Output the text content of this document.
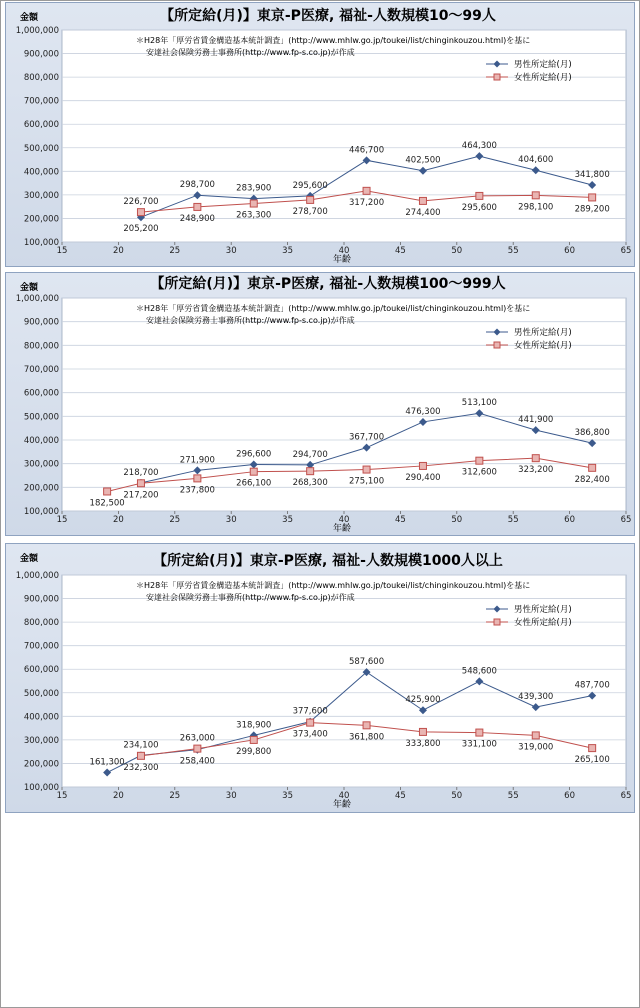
100,000
200,000
300,000
400,000
500,000
600,000
700,000
800,000
900,000
1,000,000
15	20	25	30	35	40	45	50	55	60	65
金額
年齢
【所定給(月)】東京-P医療, 福祉-人数規模10～99人
＊H28年「厚労省賃金構造基本統計調査」(http://www.mhlw.go.jp/toukei/list/chinginkouzou.html)を基に
安達社会保険労務士事務所(http://www.fp-s.co.jp)が作成
男性所定給(月)
女性所定給(月)
205,200
298,700 283,900 295,600
446,700
402,500
464,300
404,600
341,800
226,700
248,900 263,300 278,700
317,200
274,400 295,600 298,100 289,200
100,000
200,000
300,000
400,000
500,000
600,000
700,000
800,000
900,000
1,000,000
15	20	25	30	35	40	45	50	55	60	65
金額
年齢
【所定給(月)】東京-P医療, 福祉-人数規模100～999人
＊H28年「厚労省賃金構造基本統計調査」(http://www.mhlw.go.jp/toukei/list/chinginkouzou.html)を基に
安達社会保険労務士事務所(http://www.fp-s.co.jp)が作成
男性所定給(月)
女性所定給(月)
218,700
271,900
296,600 294,700
367,700
476,300
513,100
441,900
386,800
182,500
217,200 237,800
266,100 268,300 275,100 290,400
312,600 323,200
282,400
100,000
200,000
300,000
400,000
500,000
600,000
700,000
800,000
900,000
1,000,000
15	20	25	30	35	40	45	50	55	60	65
金額
年齢
【所定給(月)】東京-P医療, 福祉-人数規模1000人以上
＊H28年「厚労省賃金構造基本統計調査」(http://www.mhlw.go.jp/toukei/list/chinginkouzou.html)を基に
安達社会保険労務士事務所(http://www.fp-s.co.jp)が作成
男性所定給(月)
女性所定給(月)
161,300
234,100
258,400
318,900
377,600
587,600
425,900
548,600
439,300
487,700
232,300
263,000
299,800
373,400 361,800
333,800 331,100 319,000
265,100
